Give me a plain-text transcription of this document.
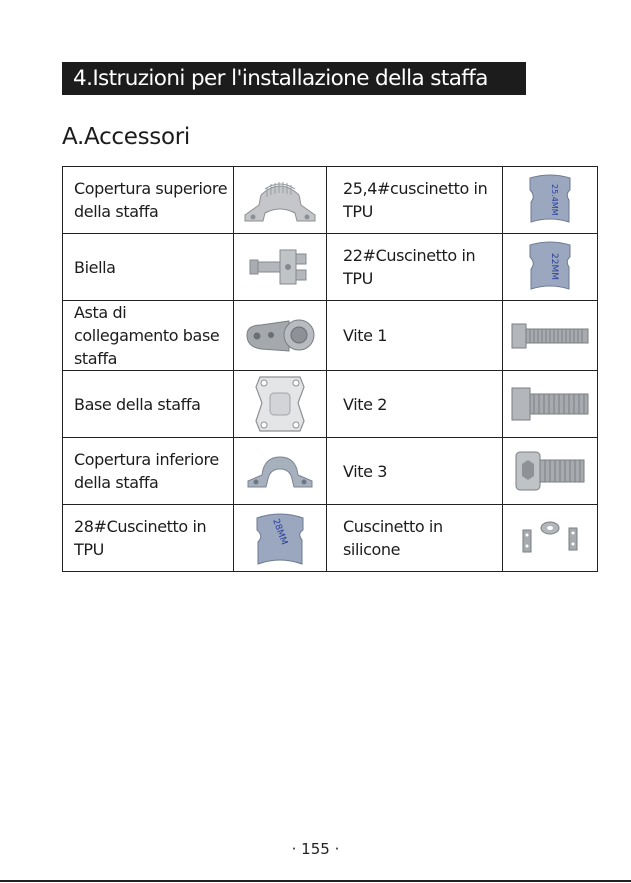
4.Istruzioni per l'installazione della staffa
A.Accessori
Copertura superiore della staffa		25,4#cuscinetto in TPU	25.4MM

Biella		22#Cuscinetto in TPU	22MM

Asta di collegamento base staffa		Vite 1	

Base della staffa		Vite 2	

Copertura inferiore della staffa		Vite 3	

28#Cuscinetto in TPU	28MM	Cuscinetto in silicone	
· 155 ·
